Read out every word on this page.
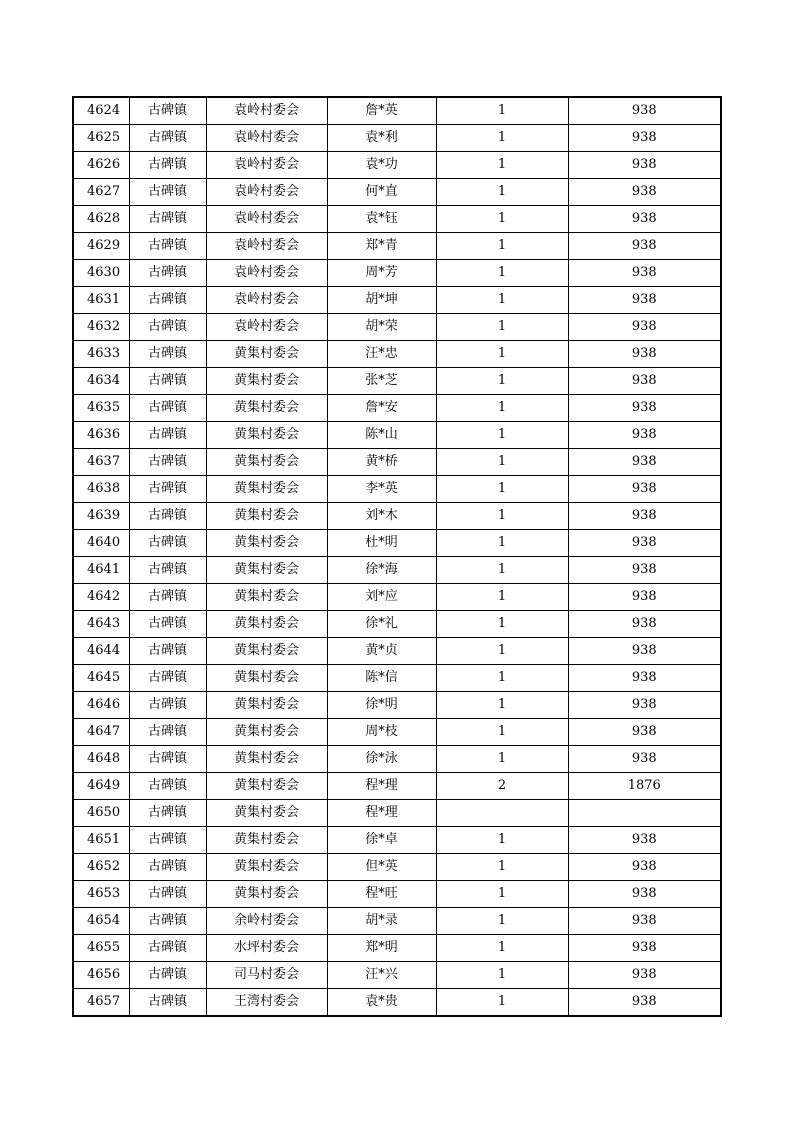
4624	古碑镇	袁岭村委会	詹*英	1	938
4625	古碑镇	袁岭村委会	袁*利	1	938
4626	古碑镇	袁岭村委会	袁*功	1	938
4627	古碑镇	袁岭村委会	何*直	1	938
4628	古碑镇	袁岭村委会	袁*钰	1	938
4629	古碑镇	袁岭村委会	郑*青	1	938
4630	古碑镇	袁岭村委会	周*芳	1	938
4631	古碑镇	袁岭村委会	胡*坤	1	938
4632	古碑镇	袁岭村委会	胡*荣	1	938
4633	古碑镇	黄集村委会	汪*忠	1	938
4634	古碑镇	黄集村委会	张*芝	1	938
4635	古碑镇	黄集村委会	詹*安	1	938
4636	古碑镇	黄集村委会	陈*山	1	938
4637	古碑镇	黄集村委会	黄*桥	1	938
4638	古碑镇	黄集村委会	李*英	1	938
4639	古碑镇	黄集村委会	刘*木	1	938
4640	古碑镇	黄集村委会	杜*明	1	938
4641	古碑镇	黄集村委会	徐*海	1	938
4642	古碑镇	黄集村委会	刘*应	1	938
4643	古碑镇	黄集村委会	徐*礼	1	938
4644	古碑镇	黄集村委会	黄*贞	1	938
4645	古碑镇	黄集村委会	陈*信	1	938
4646	古碑镇	黄集村委会	徐*明	1	938
4647	古碑镇	黄集村委会	周*枝	1	938
4648	古碑镇	黄集村委会	徐*泳	1	938
4649	古碑镇	黄集村委会	程*理	2	1876
4650	古碑镇	黄集村委会	程*理		
4651	古碑镇	黄集村委会	徐*卓	1	938
4652	古碑镇	黄集村委会	但*英	1	938
4653	古碑镇	黄集村委会	程*旺	1	938
4654	古碑镇	余岭村委会	胡*录	1	938
4655	古碑镇	水坪村委会	郑*明	1	938
4656	古碑镇	司马村委会	汪*兴	1	938
4657	古碑镇	王湾村委会	袁*贵	1	938
